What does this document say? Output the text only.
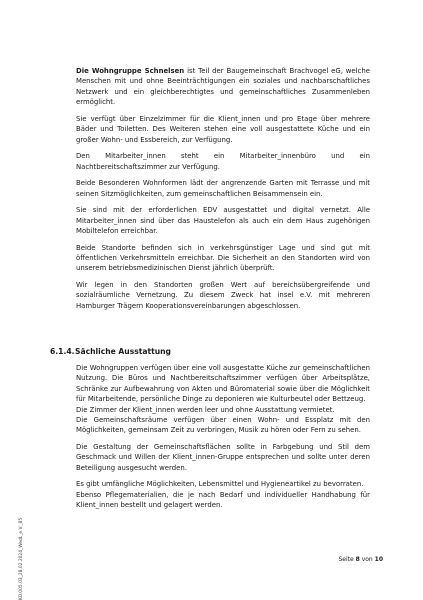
Die Wohngruppe Schnelsen ist Teil der Baugemeinschaft Brachvogel eG, welche Menschen mit und ohne Beeinträchtigungen ein soziales und nachbarschaftliches Netzwerk und ein gleichberechtigtes und gemeinschaftliches Zusammenleben ermöglicht.

Sie verfügt über Einzelzimmer für die Klient_innen und pro Etage über mehrere Bäder und Toiletten. Des Weiteren stehen eine voll ausgestattete Küche und ein großer Wohn- und Essbereich, zur Verfügung.

Den Mitarbeiter_innen steht ein Mitarbeiter_innenbüro und ein Nachtbereitschaftszimmer zur Verfügung.

Beide Besonderen Wohnformen lädt der angrenzende Garten mit Terrasse und mit seinen Sitzmöglichkeiten, zum gemeinschaftlichen Beisammensein ein.

Sie sind mit der erforderlichen EDV ausgestattet und digital vernetzt. Alle Mitarbeiter_innen sind über das Haustelefon als auch ein dem Haus zugehörigen Mobiltelefon erreichbar.

Beide Standorte befinden sich in verkehrsgünstiger Lage und sind gut mit öffentlichen Verkehrsmitteln erreichbar. Die Sicherheit an den Standorten wird von unserem betriebsmedizinischen Dienst jährlich überprüft.

Wir legen in den Standorten großen Wert auf bereichsübergreifende und sozialräumliche Vernetzung. Zu diesem Zweck hat insel e.V. mit mehreren Hamburger Trägern Kooperationsvereinbarungen abgeschlossen.

6.1.4.Sächliche Ausstattung

Die Wohngruppen verfügen über eine voll ausgestatte Küche zur gemeinschaftlichen Nutzung. Die Büros und Nachtbereitschaftszimmer verfügen über Arbeitsplätze, Schränke zur Aufbewahrung von Akten und Büromaterial sowie über die Möglichkeit für Mitarbeitende, persönliche Dinge zu deponieren wie Kulturbeutel oder Bettzeug.

Die Zimmer der Klient_innen werden leer und ohne Ausstattung vermietet.

Die Gemeinschaftsräume verfügen über einen Wohn- und Essplatz mit den Möglichkeiten, gemeinsam Zeit zu verbringen, Musik zu hören oder Fern zu sehen.

Die Gestaltung der Gemeinschaftsflächen sollte in Farbgebung und Stil dem Geschmack und Willen der Klient_innen-Gruppe entsprechen und sollte unter deren Beteiligung ausgesucht werden.

Es gibt umfängliche Möglichkeiten, Lebensmittel und Hygieneartikel zu bevorraten.

Ebenso Pflegematerialien, die je nach Bedarf und individueller Handhabung für Klient_innen bestellt und gelagert werden.

KO.005.03_28.02.2024_WedL_e.V._85	Seite 8 von 10
